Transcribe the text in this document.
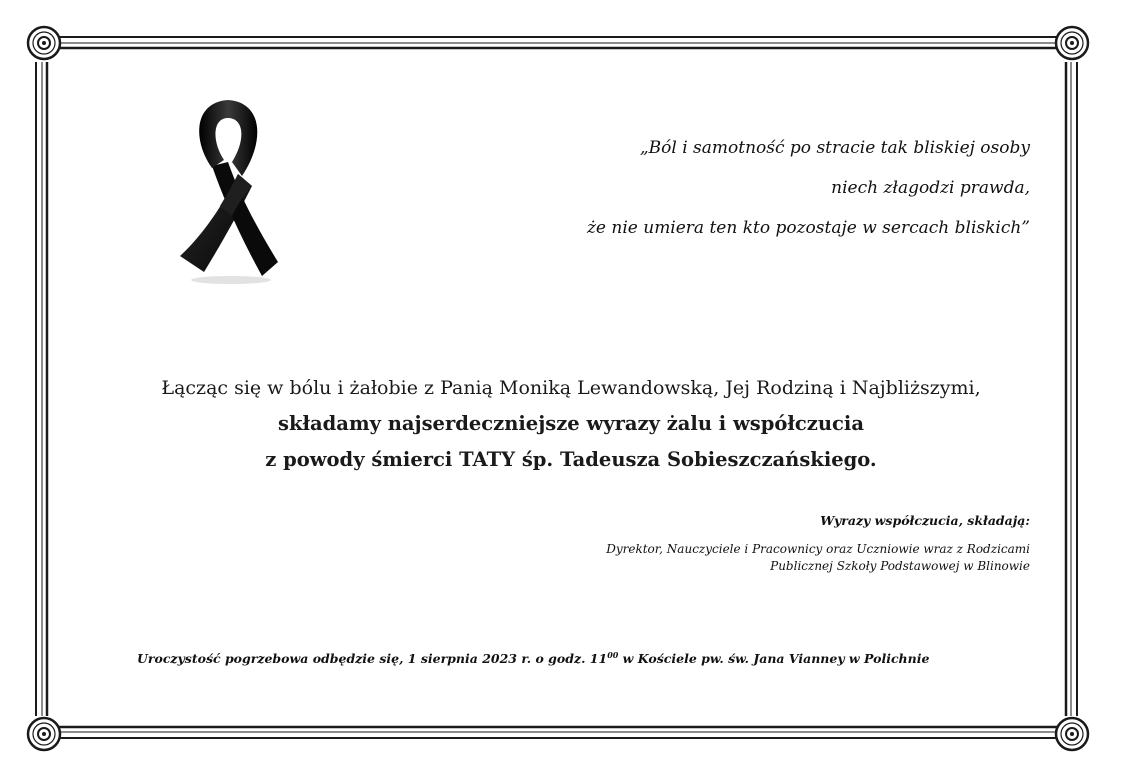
„Ból i samotność po stracie tak bliskiej osoby
niech złagodzi prawda,
że nie umiera ten kto pozostaje w sercach bliskich”
Łącząc się w bólu i żałobie z Panią Moniką Lewandowską, Jej Rodziną i Najbliższymi,
składamy najserdeczniejsze wyrazy żalu i współczucia
z powody śmierci TATY śp. Tadeusza Sobieszczańskiego.
Wyrazy współczucia, składają:
Dyrektor, Nauczyciele i Pracownicy oraz Uczniowie wraz z Rodzicami
Publicznej Szkoły Podstawowej w Blinowie
Uroczystość pogrzebowa odbędzie się, 1 sierpnia 2023 r. o godz. $11^{00}$ w Kościele pw. św. Jana Vianney w Polichnie
